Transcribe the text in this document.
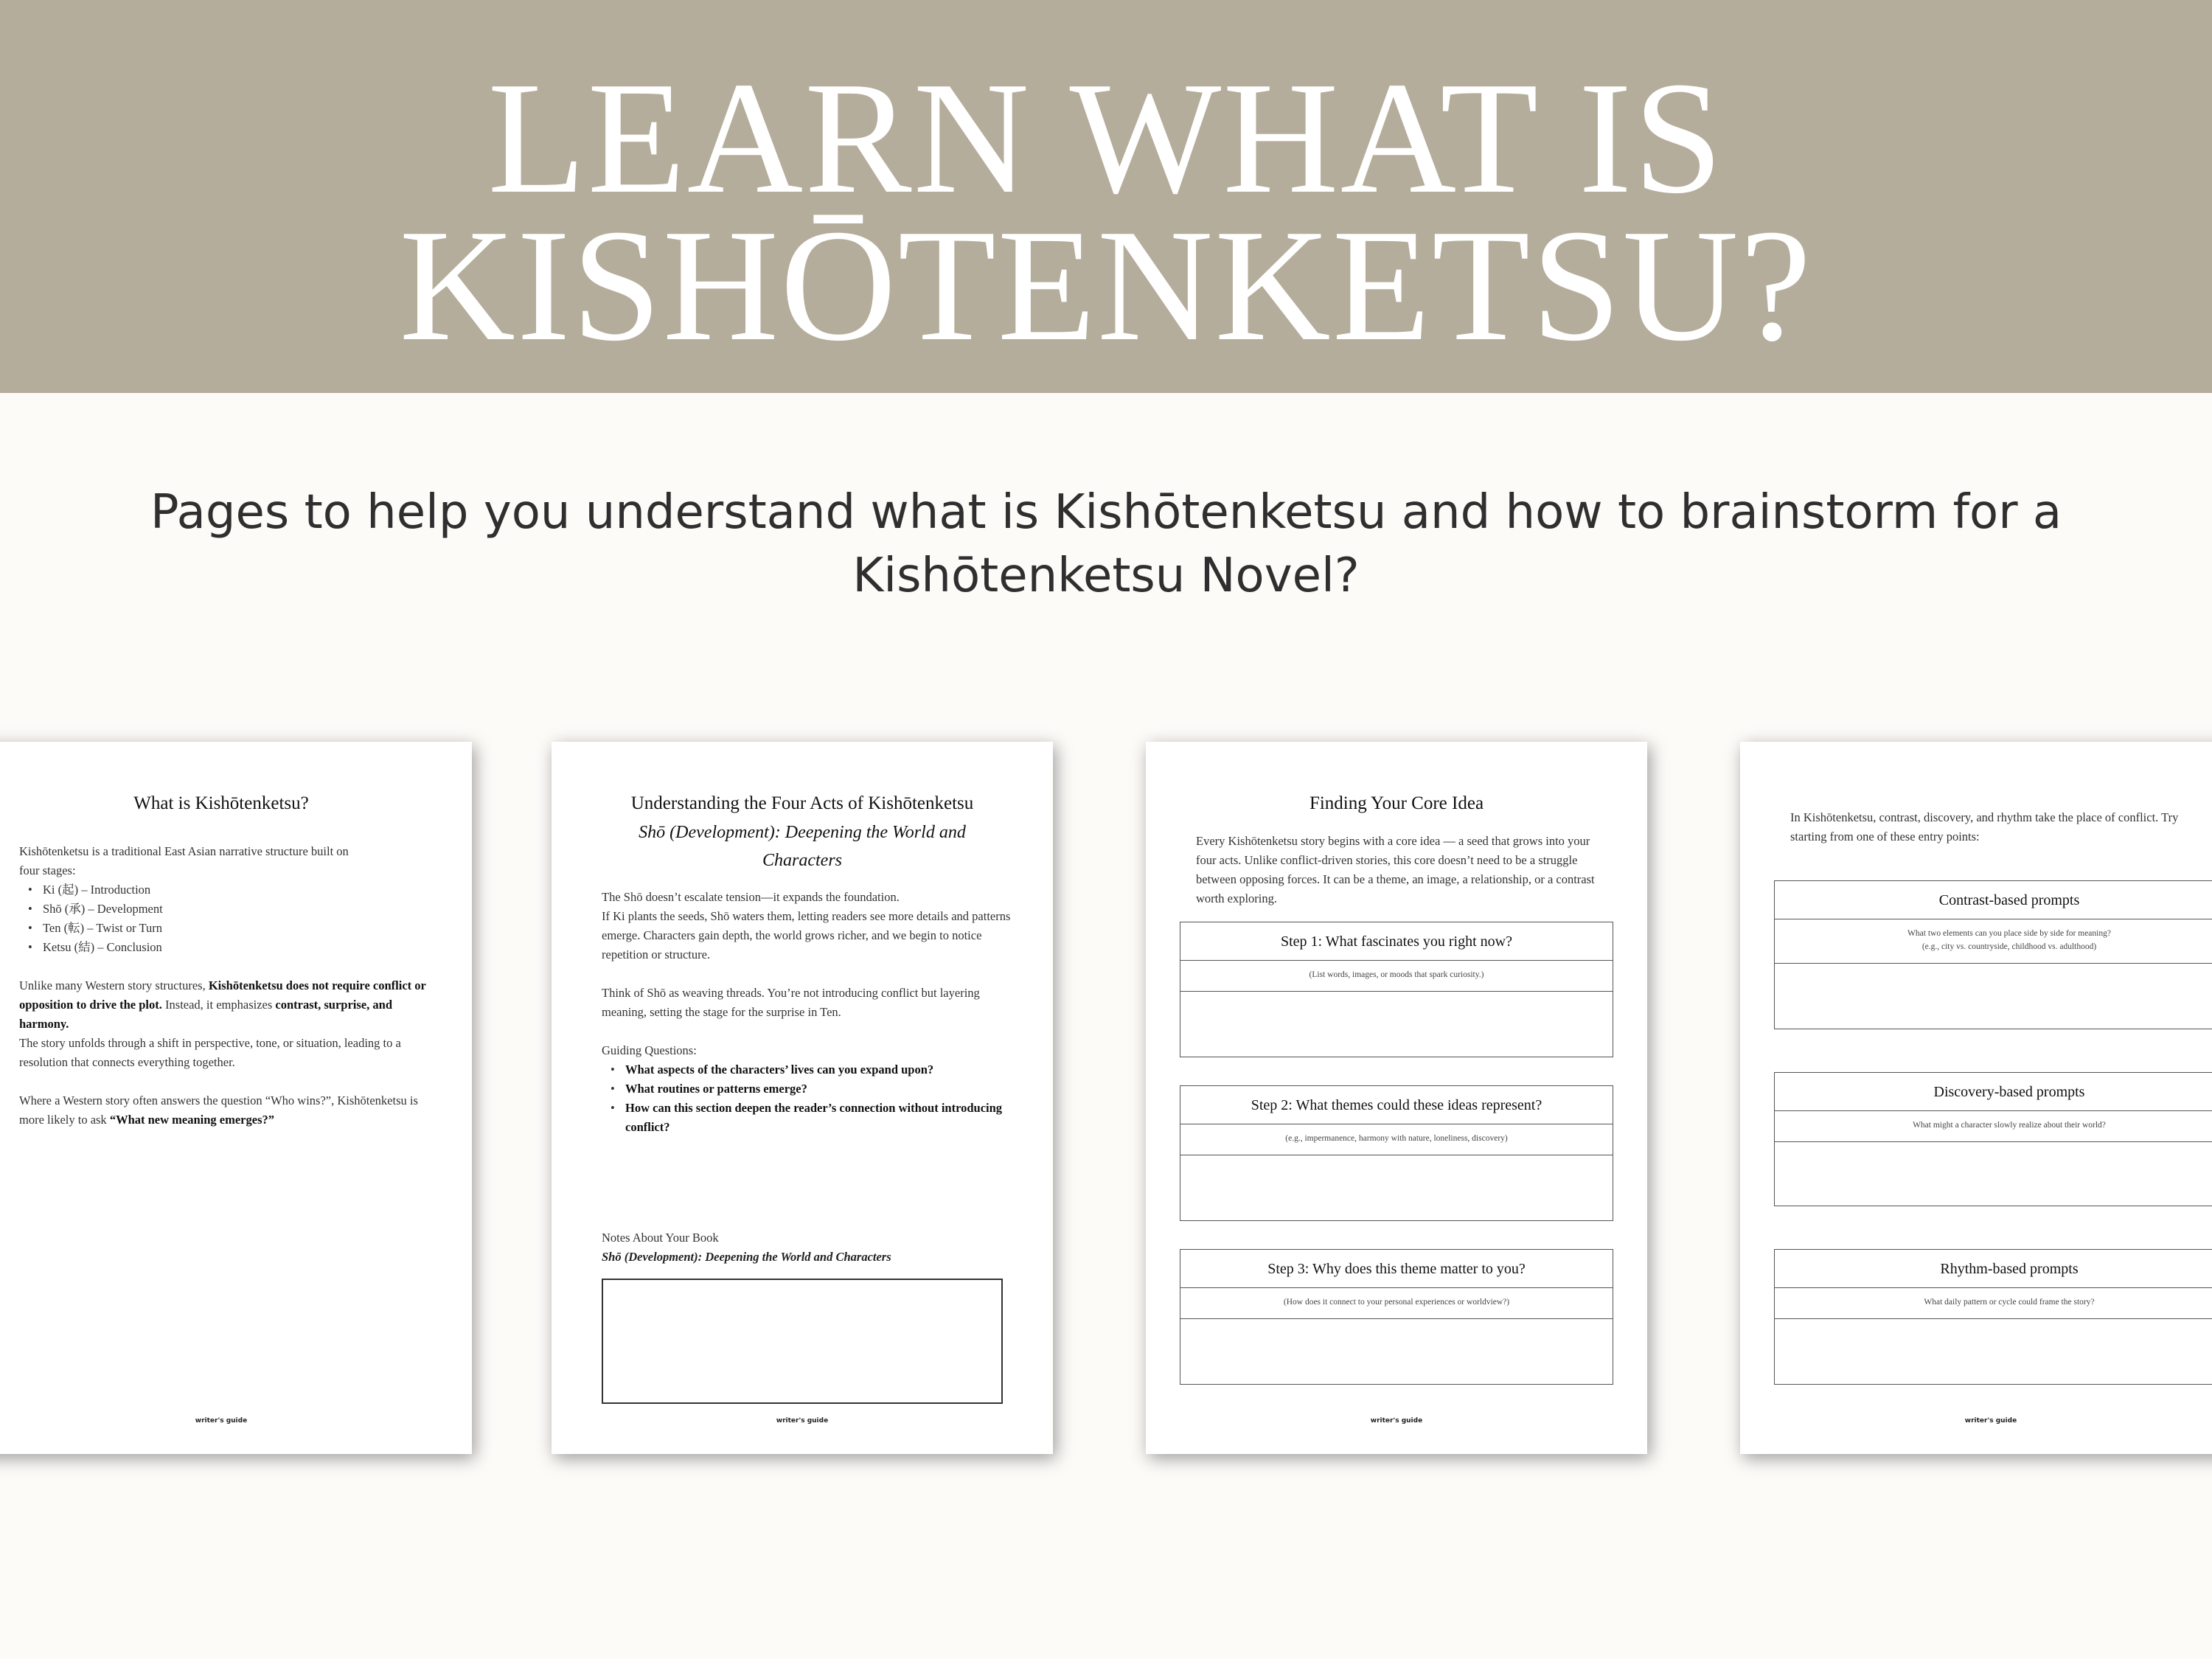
LEARN WHAT IS
KISHŌTENKETSU?
Pages to help you understand what is Kishōtenketsu and how to brainstorm for a
Kishōtenketsu Novel?
What is Kishōtenketsu?

Kishōtenketsu is a traditional East Asian narrative structure built on

four stages:

• Ki (起) – Introduction
• Shō (承) – Development
• Ten (転) – Twist or Turn
• Ketsu (結) – Conclusion

Unlike many Western story structures, Kishōtenketsu does not require conflict or opposition to drive the plot. Instead, it emphasizes contrast, surprise, and harmony.

The story unfolds through a shift in perspective, tone, or situation, leading to a resolution that connects everything together.

Where a Western story often answers the question “Who wins?”, Kishōtenketsu is more likely to ask “What new meaning emerges?”

writer's guide
Understanding the Four Acts of Kishōtenketsu
Shō (Development): Deepening the World and
Characters

The Shō doesn’t escalate tension—it expands the foundation.

If Ki plants the seeds, Shō waters them, letting readers see more details and patterns emerge. Characters gain depth, the world grows richer, and we begin to notice repetition or structure.

Think of Shō as weaving threads. You’re not introducing conflict but layering meaning, setting the stage for the surprise in Ten.

Guiding Questions:

• What aspects of the characters’ lives can you expand upon?
• What routines or patterns emerge?
• How can this section deepen the reader’s connection without introducing conflict?

Notes About Your Book

Shō (Development): Deepening the World and Characters

writer's guide
Finding Your Core Idea

Every Kishōtenketsu story begins with a core idea — a seed that grows into your four acts. Unlike conflict-driven stories, this core doesn’t need to be a struggle between opposing forces. It can be a theme, an image, a relationship, or a contrast worth exploring.

Step 1: What fascinates you right now?
(List words, images, or moods that spark curiosity.)
Step 2: What themes could these ideas represent?
(e.g., impermanence, harmony with nature, loneliness, discovery)
Step 3: Why does this theme matter to you?
(How does it connect to your personal experiences or worldview?)
writer's guide

In Kishōtenketsu, contrast, discovery, and rhythm take the place of conflict. Try starting from one of these entry points:

Contrast-based prompts
What two elements can you place side by side for meaning?
(e.g., city vs. countryside, childhood vs. adulthood)
Discovery-based prompts
What might a character slowly realize about their world?
Rhythm-based prompts
What daily pattern or cycle could frame the story?
writer's guide
